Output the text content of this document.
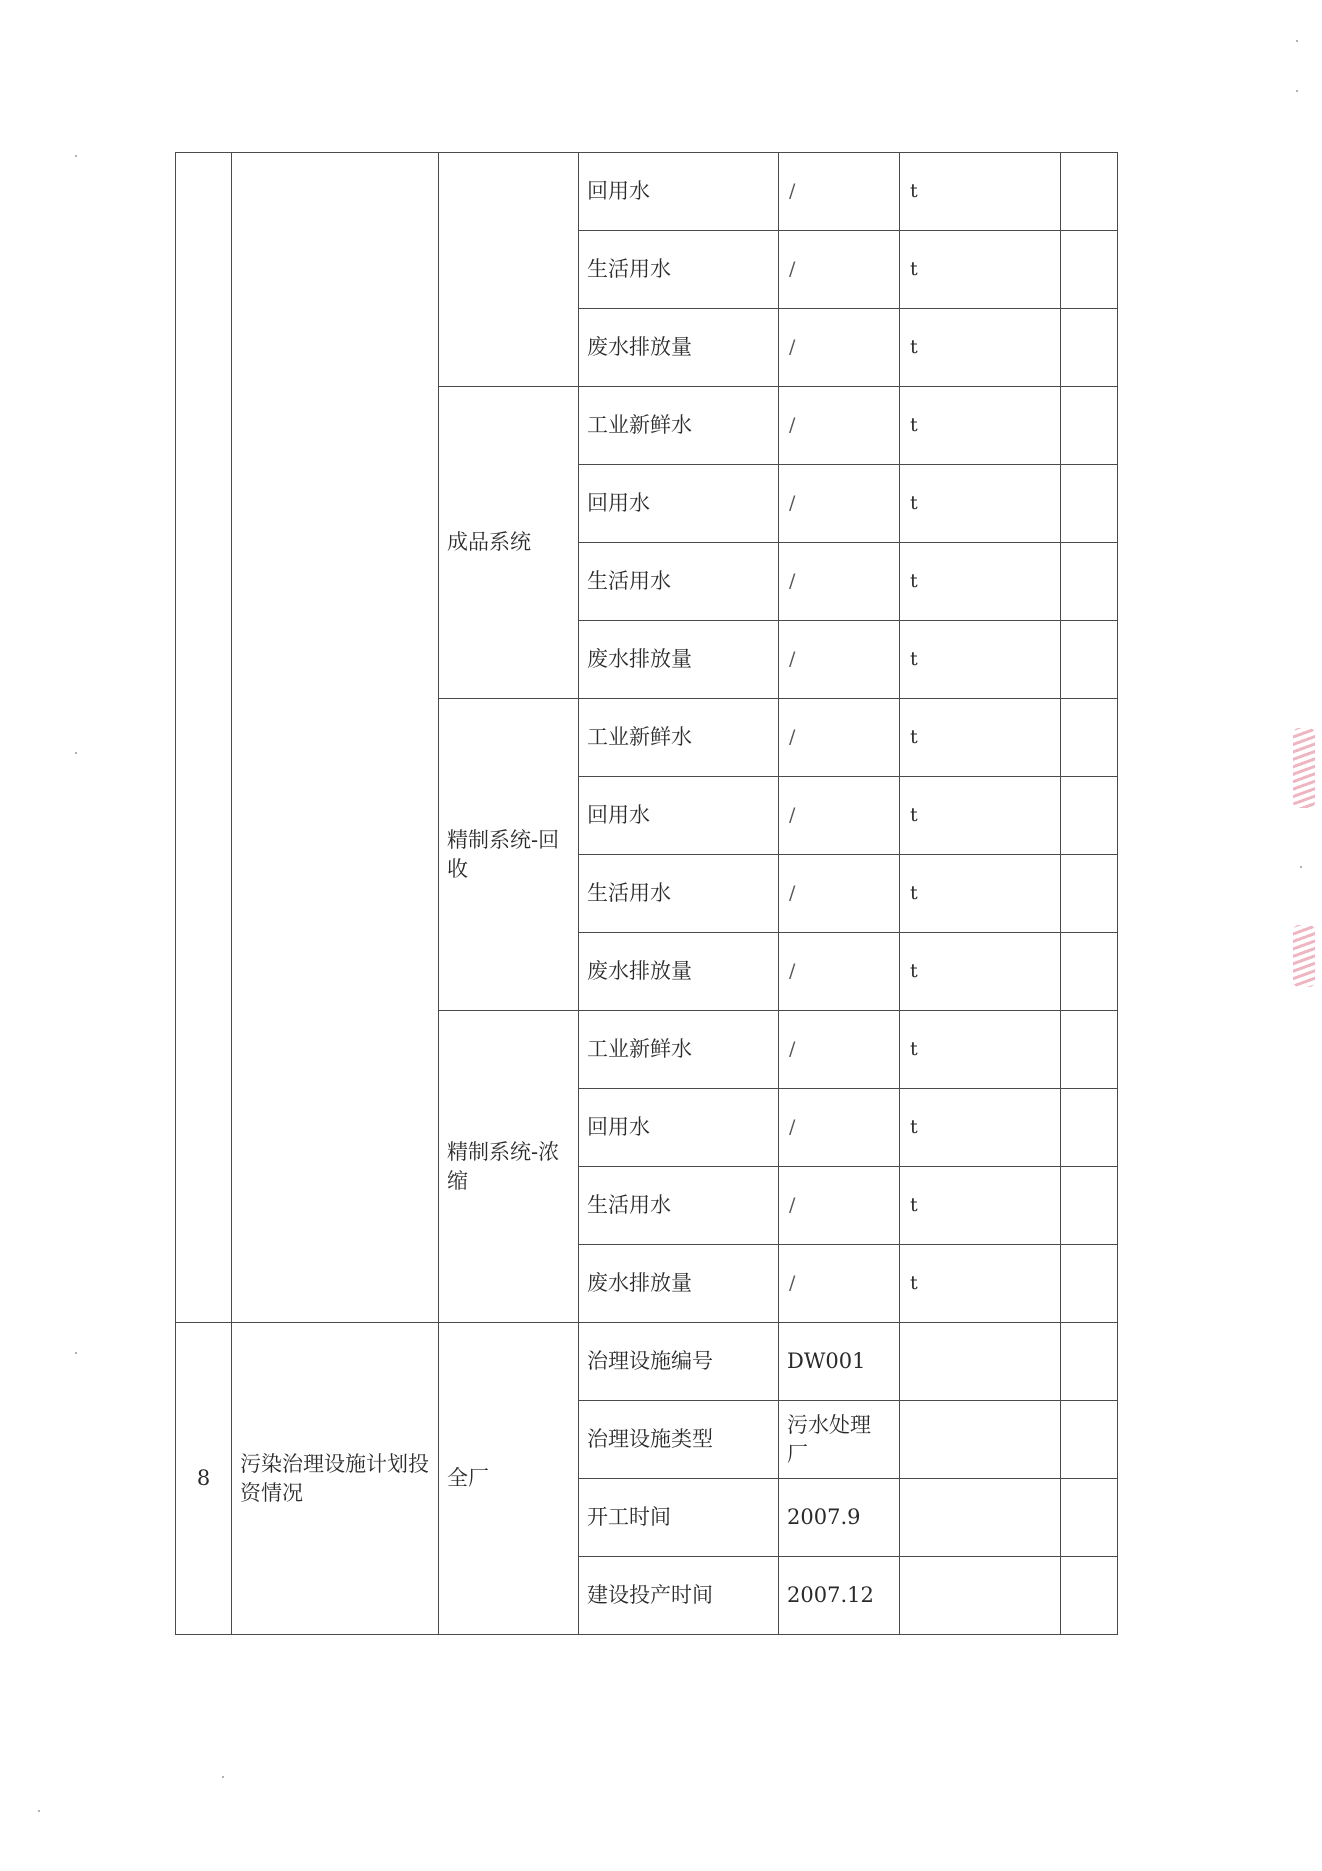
			回用水	/	t	
			生活用水	/	t	
			废水排放量	/	t	
		成品系统	工业新鲜水	/	t	
			回用水	/	t	
			生活用水	/	t	
			废水排放量	/	t	
		精制系统-回收	工业新鲜水	/	t	
			回用水	/	t	
			生活用水	/	t	
			废水排放量	/	t	
		精制系统-浓缩	工业新鲜水	/	t	
			回用水	/	t	
			生活用水	/	t	
			废水排放量	/	t	
8	污染治理设施计划投资情况	全厂	治理设施编号	DW001		
			治理设施类型	污水处理厂		
			开工时间	2007.9		
			建设投产时间	2007.12		
